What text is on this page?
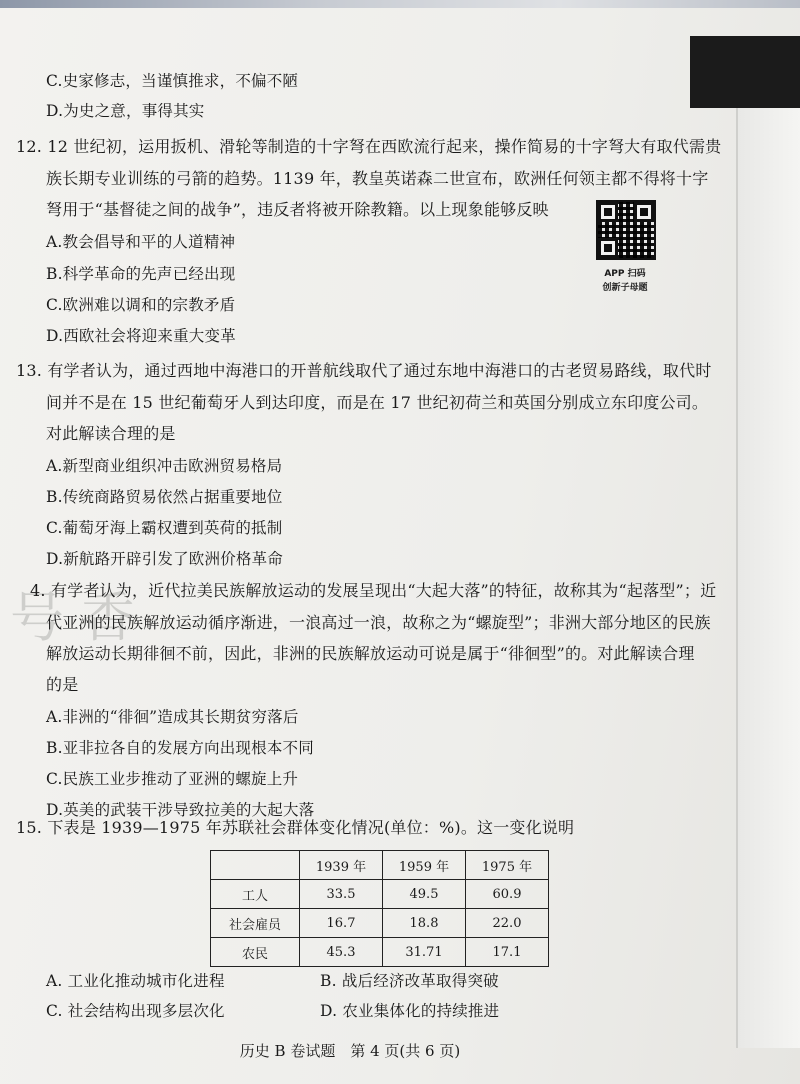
号 香
C.史家修志，当谨慎推求，不偏不陋
D.为史之意，事得其实
12. 12 世纪初，运用扳机、滑轮等制造的十字弩在西欧流行起来，操作简易的十字弩大有取代需贵
族长期专业训练的弓箭的趋势。1139 年，教皇英诺森二世宣布，欧洲任何领主都不得将十字
弩用于“基督徒之间的战争”，违反者将被开除教籍。以上现象能够反映
A.教会倡导和平的人道精神
B.科学革命的先声已经出现
C.欧洲难以调和的宗教矛盾
D.西欧社会将迎来重大变革
APP 扫码
创新子母题
13. 有学者认为，通过西地中海港口的开普航线取代了通过东地中海港口的古老贸易路线，取代时
间并不是在 15 世纪葡萄牙人到达印度，而是在 17 世纪初荷兰和英国分别成立东印度公司。
对此解读合理的是
A.新型商业组织冲击欧洲贸易格局
B.传统商路贸易依然占据重要地位
C.葡萄牙海上霸权遭到英荷的抵制
D.新航路开辟引发了欧洲价格革命
4. 有学者认为，近代拉美民族解放运动的发展呈现出“大起大落”的特征，故称其为“起落型”；近
代亚洲的民族解放运动循序渐进，一浪高过一浪，故称之为“螺旋型”；非洲大部分地区的民族
解放运动长期徘徊不前，因此，非洲的民族解放运动可说是属于“徘徊型”的。对此解读合理
的是
A.非洲的“徘徊”造成其长期贫穷落后
B.亚非拉各自的发展方向出现根本不同
C.民族工业步推动了亚洲的螺旋上升
D.英美的武装干涉导致拉美的大起大落
15. 下表是 1939—1975 年苏联社会群体变化情况(单位：%)。这一变化说明
	1939 年	1959 年	1975 年
工人	33.5	49.5	60.9
社会雇员	16.7	18.8	22.0
农民	45.3	31.71	17.1
A. 工业化推动城市化进程	B. 战后经济改革取得突破
C. 社会结构出现多层次化	D. 农业集体化的持续推进
历史 B 卷试题　第 4 页(共 6 页)
